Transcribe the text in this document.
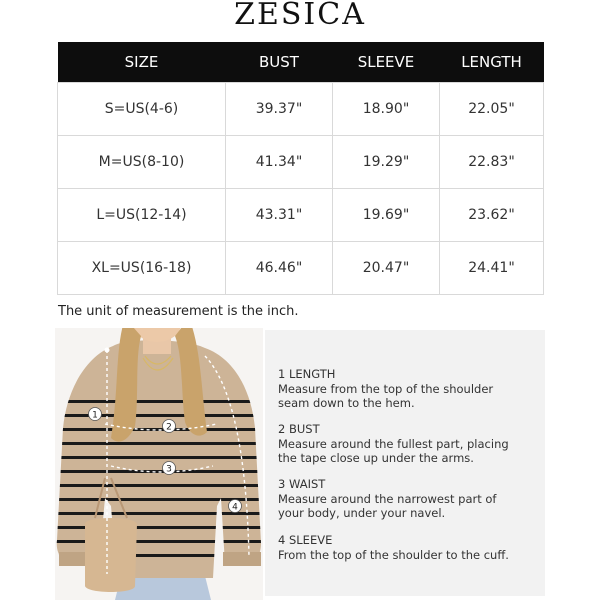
ZESICA
SIZE	BUST	SLEEVE	LENGTH
S=US(4-6)	39.37"	18.90"	22.05"
M=US(8-10)	41.34"	19.29"	22.83"
L=US(12-14)	43.31"	19.69"	23.62"
XL=US(16-18)	46.46"	20.47"	24.41"
The unit of measurement is the inch.
1
2
3
4
1 LENGTH
Measure from the top of the shoulder
seam down to the hem.
2 BUST
Measure around the fullest part, placing
the tape close up under the arms.
3 WAIST
Measure around the narrowest part of
your body, under your navel.
4 SLEEVE
From the top of the shoulder to the cuff.
